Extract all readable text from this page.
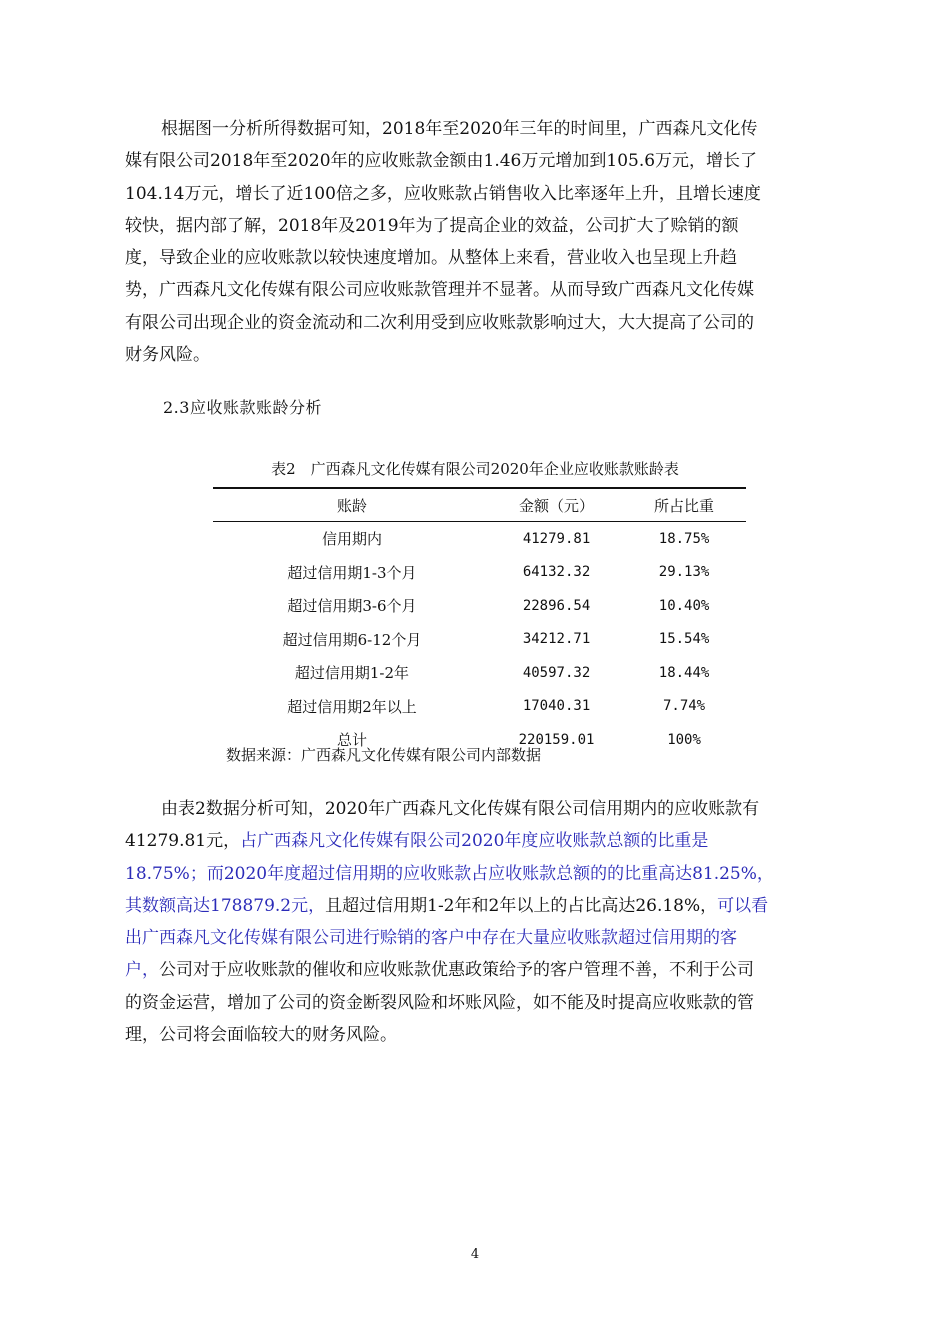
根据图一分析所得数据可知，2018年至2020年三年的时间里，广西森凡文化传
媒有限公司2018年至2020年的应收账款金额由1.46万元增加到105.6万元，增长了
104.14万元，增长了近100倍之多，应收账款占销售收入比率逐年上升，且增长速度
较快，据内部了解，2018年及2019年为了提高企业的效益，公司扩大了赊销的额
度，导致企业的应收账款以较快速度增加。从整体上来看，营业收入也呈现上升趋
势，广西森凡文化传媒有限公司应收账款管理并不显著。从而导致广西森凡文化传媒
有限公司出现企业的资金流动和二次利用受到应收账款影响过大，大大提高了公司的
财务风险。
2.3应收账款账龄分析
表2　广西森凡文化传媒有限公司2020年企业应收账款账龄表
账龄	金额（元）	所占比重
信用期内	41279.81	18.75%
超过信用期1-3个月	64132.32	29.13%
超过信用期3-6个月	22896.54	10.40%
超过信用期6-12个月	34212.71	15.54%
超过信用期1-2年	40597.32	18.44%
超过信用期2年以上	17040.31	7.74%
总计	220159.01	100%
数据来源：广西森凡文化传媒有限公司内部数据
由表2数据分析可知，2020年广西森凡文化传媒有限公司信用期内的应收账款有
41279.81元，占广西森凡文化传媒有限公司2020年度应收账款总额的比重是
18.75%；而2020年度超过信用期的应收账款占应收账款总额的的比重高达81.25%，
其数额高达178879.2元，且超过信用期1-2年和2年以上的占比高达26.18%，可以看
出广西森凡文化传媒有限公司进行赊销的客户中存在大量应收账款超过信用期的客
户，公司对于应收账款的催收和应收账款优惠政策给予的客户管理不善，不利于公司
的资金运营，增加了公司的资金断裂风险和坏账风险，如不能及时提高应收账款的管
理，公司将会面临较大的财务风险。
4
